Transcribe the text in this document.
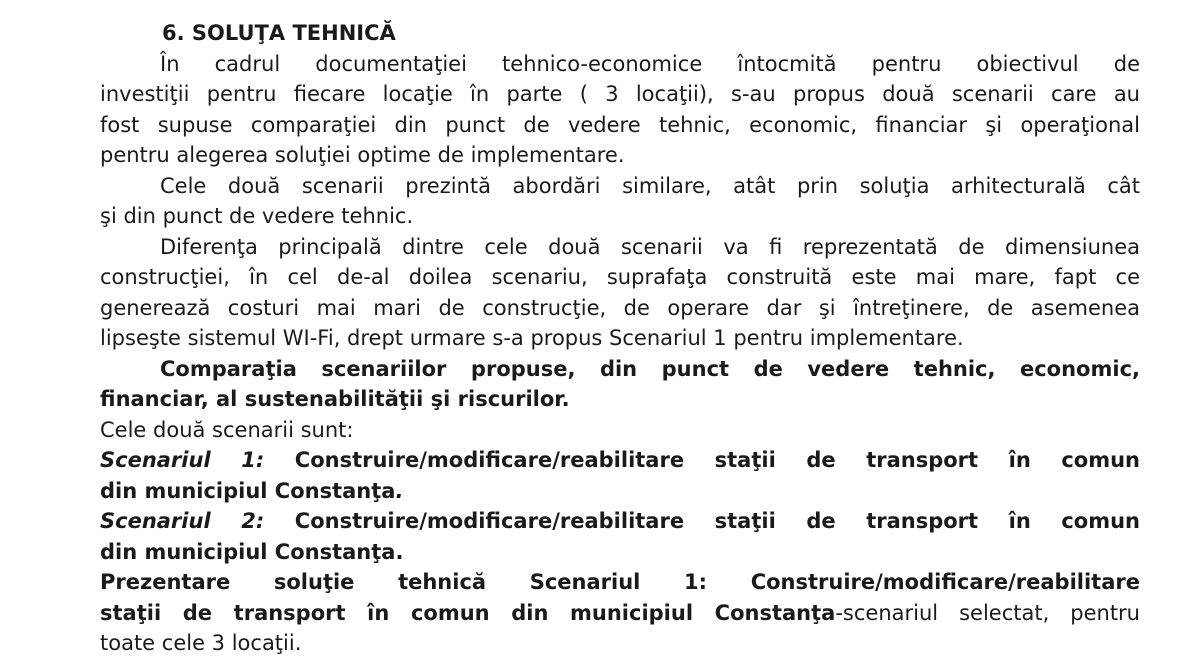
6. SOLUŢA TEHNICĂ
În cadrul documentaţiei tehnico-economice întocmită pentru obiectivul de
investiţii pentru fiecare locaţie în parte ( 3 locaţii), s-au propus două scenarii care au
fost supuse comparaţiei din punct de vedere tehnic, economic, financiar şi operaţional
pentru alegerea soluţiei optime de implementare.
Cele două scenarii prezintă abordări similare, atât prin soluţia arhitecturală cât
şi din punct de vedere tehnic.
Diferenţa principală dintre cele două scenarii va fi reprezentată de dimensiunea
construcţiei, în cel de-al doilea scenariu, suprafaţa construită este mai mare, fapt ce
generează costuri mai mari de construcţie, de operare dar şi întreţinere, de asemenea
lipseşte sistemul WI-Fi, drept urmare s-a propus Scenariul 1 pentru implementare.
Comparaţia scenariilor propuse, din punct de vedere tehnic, economic,
financiar, al sustenabilităţii şi riscurilor.
Cele două scenarii sunt:
Scenariul 1: Construire/modificare/reabilitare staţii de transport în comun
din municipiul Constanţa.
Scenariul 2: Construire/modificare/reabilitare staţii de transport în comun
din municipiul Constanţa.
Prezentare soluţie tehnică Scenariul 1: Construire/modificare/reabilitare
staţii de transport în comun din municipiul Constanţa-scenariul selectat, pentru
toate cele 3 locaţii.
